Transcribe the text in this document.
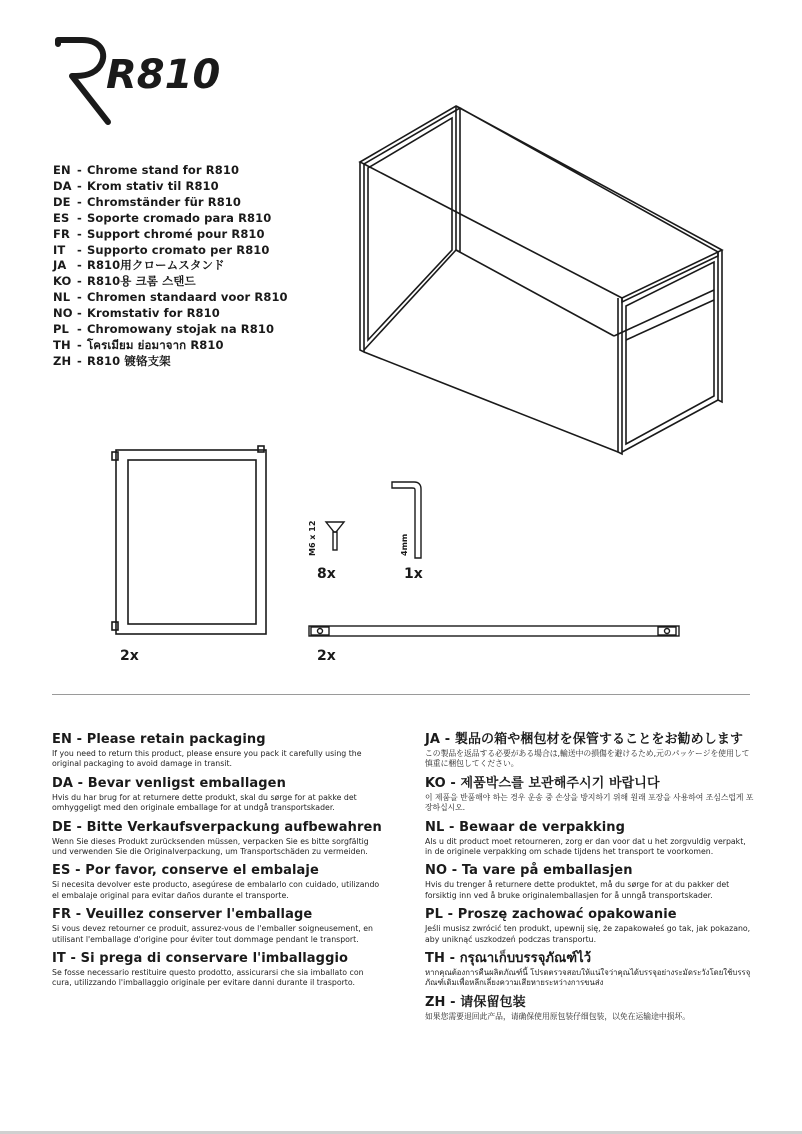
R810
EN - Chrome stand for R810
DA - Krom stativ til R810
DE - Chromständer für R810
ES - Soporte cromado para R810
FR - Support chromé pour R810
IT	- Supporto cromato per R810
JA - R810用クロームスタンド
KO - R810용 크롬 스탠드
NL - Chromen standaard voor R810
NO - Kromstativ for R810
PL - Chromowany stojak na R810
TH - โครเมียม ย่อมาจาก R810
ZH - R810 镀铬支架
2x
M6 x 12
8x
4mm
1x
2x
EN - Please retain packaging

If you need to return this product, please ensure you pack it carefully using the original packaging to avoid damage in transit.

DA - Bevar venligst emballagen

Hvis du har brug for at returnere dette produkt, skal du sørge for at pakke det omhyggeligt med den originale emballage for at undgå transportskader.

DE - Bitte Verkaufsverpackung aufbewahren

Wenn Sie dieses Produkt zurücksenden müssen, verpacken Sie es bitte sorgfältig und verwenden Sie die Originalverpackung, um Transportschäden zu vermeiden.

ES - Por favor, conserve el embalaje

Si necesita devolver este producto, asegúrese de embalarlo con cuidado, utilizando el embalaje original para evitar daños durante el transporte.

FR - Veuillez conserver l'emballage

Si vous devez retourner ce produit, assurez-vous de l'emballer soigneusement, en utilisant l'emballage d'origine pour éviter tout dommage pendant le transport.

IT - Si prega di conservare l'imballaggio

Se fosse necessario restituire questo prodotto, assicurarsi che sia imballato con cura, utilizzando l'imballaggio originale per evitare danni durante il trasporto.

JA - 製品の箱や梱包材を保管することをお勧めします

この製品を返品する必要がある場合は,輸送中の損傷を避けるため,元のパッケージを使用して慎重に梱包してください。

KO - 제품박스를 보관해주시기 바랍니다

이 제품을 반품해야 하는 경우 운송 중 손상을 방지하기 위해 원래 포장을 사용하여 조심스럽게 포장하십시오.

NL - Bewaar de verpakking

Als u dit product moet retourneren, zorg er dan voor dat u het zorgvuldig verpakt, in de originele verpakking om schade tijdens het transport te voorkomen.

NO - Ta vare på emballasjen

Hvis du trenger å returnere dette produktet, må du sørge for at du pakker det forsiktig inn ved å bruke originalemballasjen for å unngå transportskader.

PL - Proszę zachować opakowanie

Jeśli musisz zwrócić ten produkt, upewnij się, że zapakowałeś go tak, jak pokazano, aby uniknąć uszkodzeń podczas transportu.

TH - กรุณาเก็บบรรจุภัณฑ์ไว้

หากคุณต้องการคืนผลิตภัณฑ์นี้ โปรดตรวจสอบให้แน่ใจว่าคุณได้บรรจุอย่างระมัดระวังโดยใช้บรรจุภัณฑ์เดิมเพื่อหลีกเลี่ยงความเสียหายระหว่างการขนส่ง

ZH - 请保留包装

如果您需要退回此产品，请确保使用原包装仔细包装，以免在运输途中损坏。
